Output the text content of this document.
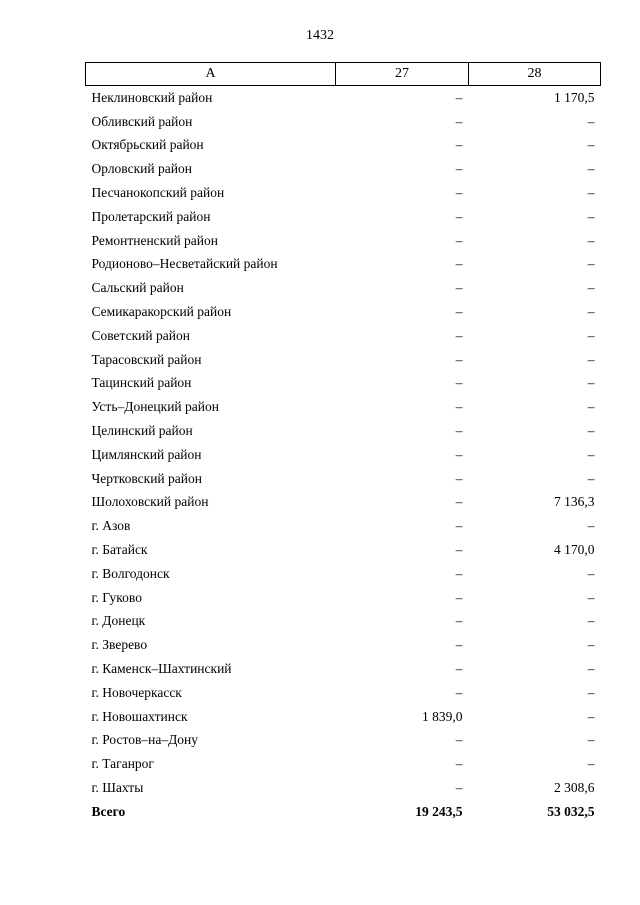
1432
А	27	28
Неклиновский район	–	1 170,5
Обливский район	–	–
Октябрьский район	–	–
Орловский район	–	–
Песчанокопский район	–	–
Пролетарский район	–	–
Ремонтненский район	–	–
Родионово–Несветайский район	–	–
Сальский район	–	–
Семикаракорский район	–	–
Советский район	–	–
Тарасовский район	–	–
Тацинский район	–	–
Усть–Донецкий район	–	–
Целинский район	–	–
Цимлянский район	–	–
Чертковский район	–	–
Шолоховский район	–	7 136,3
г. Азов	–	–
г. Батайск	–	4 170,0
г. Волгодонск	–	–
г. Гуково	–	–
г. Донецк	–	–
г. Зверево	–	–
г. Каменск–Шахтинский	–	–
г. Новочеркасск	–	–
г. Новошахтинск	1 839,0	–
г. Ростов–на–Дону	–	–
г. Таганрог	–	–
г. Шахты	–	2 308,6
Всего	19 243,5	53 032,5
